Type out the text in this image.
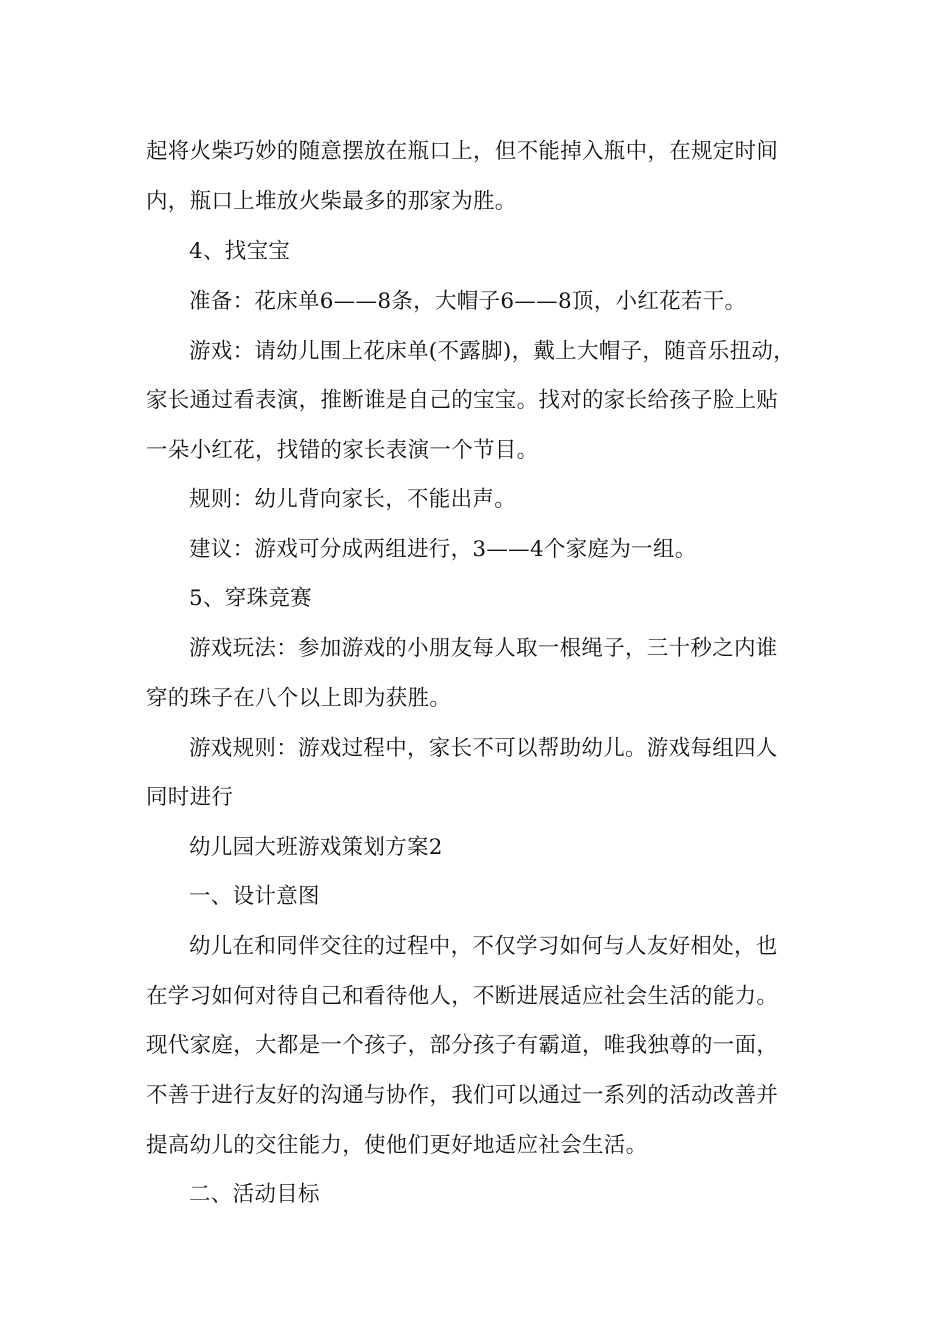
起将火柴巧妙的随意摆放在瓶口上，但不能掉入瓶中，在规定时间
内，瓶口上堆放火柴最多的那家为胜。
4、找宝宝
准备：花床单6——8条，大帽子6——8顶，小红花若干。
游戏：请幼儿围上花床单(不露脚)，戴上大帽子，随音乐扭动，
家长通过看表演，推断谁是自己的宝宝。找对的家长给孩子脸上贴
一朵小红花，找错的家长表演一个节目。
规则：幼儿背向家长，不能出声。
建议：游戏可分成两组进行，3——4个家庭为一组。
5、穿珠竞赛
游戏玩法：参加游戏的小朋友每人取一根绳子，三十秒之内谁
穿的珠子在八个以上即为获胜。
游戏规则：游戏过程中，家长不可以帮助幼儿。游戏每组四人
同时进行
幼儿园大班游戏策划方案2
一、设计意图
幼儿在和同伴交往的过程中，不仅学习如何与人友好相处，也
在学习如何对待自己和看待他人，不断进展适应社会生活的能力。
现代家庭，大都是一个孩子，部分孩子有霸道，唯我独尊的一面，
不善于进行友好的沟通与协作，我们可以通过一系列的活动改善并
提高幼儿的交往能力，使他们更好地适应社会生活。
二、活动目标
